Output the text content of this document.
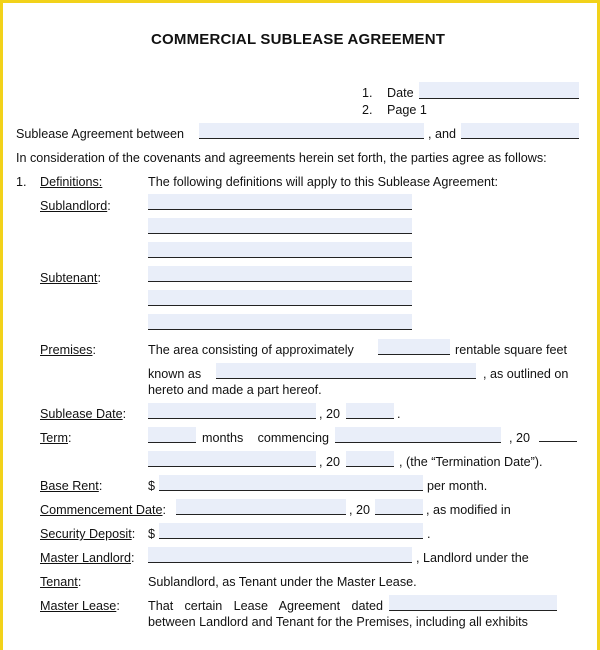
COMMERCIAL SUBLEASE AGREEMENT
1. Date
2. Page 1
Sublease Agreement between	, and
In consideration of the covenants and agreements herein set forth, the parties agree as follows:
1. Definitions:	The following definitions will apply to this Sublease Agreement:
Sublandlord:
Subtenant:
Premises:	The area consisting of approximately	rentable square feet
known as	, as outlined on
hereto and made a part hereof.
Sublease Date:	, 20	.
Term:	months commencing	, 20
, 20	, (the “Termination Date”).
Base Rent:	$	per month.
Commencement Date:	, 20	, as modified in
Security Deposit: $	.
Master Landlord:	, Landlord under the
Tenant:	Sublandlord, as Tenant under the Master Lease.
Master Lease: That certain Lease Agreement dated
between Landlord and Tenant for the Premises, including all exhibits
